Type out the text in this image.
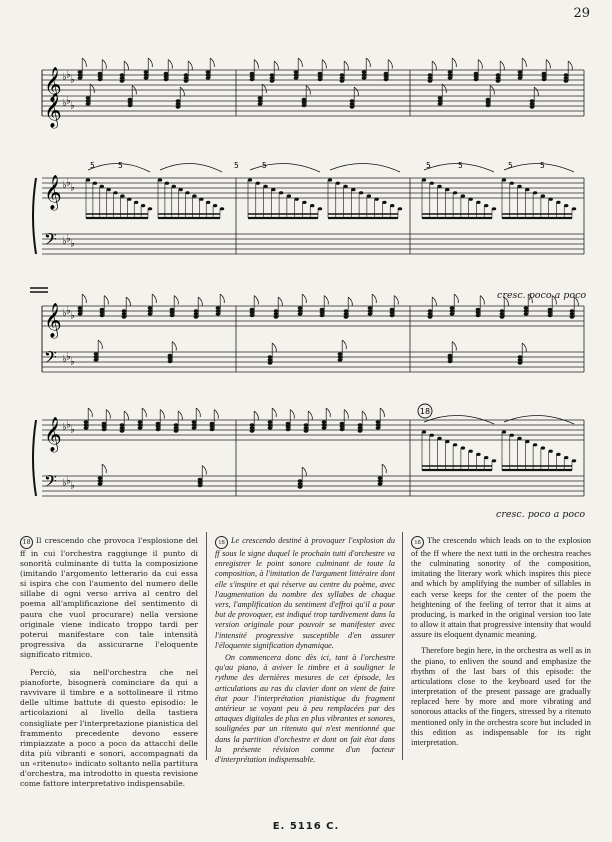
29
𝄞
𝄞
♭ ♭ ♭
♭ ♭ ♭
𝄞
𝄢
♭ ♭ ♭
♭ ♭ ♭
5	5	5	5	5	5	5	5
𝄞
𝄢
♭ ♭ ♭
♭ ♭ ♭
𝄞
𝄢
♭ ♭ ♭
♭ ♭ ♭
18
cresc. poco a poco
cresc. poco a poco

18 Il crescendo che provoca l'esplosione del ff in cui l'orchestra raggiunge il punto di sonorità culminante di tutta la composizione (imitando l'argomento letterario da cui essa si ispira che con l'aumento del numero delle sillabe di ogni verso arriva al centro del poema all'amplificazione del sentimento di paura che vuol procurare) nella versione originale viene indicato troppo tardi per poterui manifestare con tale intensità progressiva da assicurarne l'eloquente significato ritmico.

Perciò, sia nell'orchestra che nel pianoforte, bisognerà cominciare da qui a ravvivare il timbre e a sottolineare il ritmo delle ultime battute di questo episodio: le articolazioni al livello della tastiera consigliate per l'interpretazione pianistica del frammento precedente devono essere rimpiazzate a poco a poco da attacchi delle dita più vibranti e sonori, accompagnati da un «ritenuto» indicato soltanto nella partitura d'orchestra, ma introdotto in questa revisione come fattore interpretativo indispensabile.

18 Le crescendo destiné à provoquer l'explosion du ff sous le signe duquel le prochain tutti d'orchestre va enregistrer le point sonore culminant de toute la composition, à l'imitation de l'argument littéraire dont elle s'inspire et qui réserve au centre du poème, avec l'augmentation du nombre des syllabes de chaque vers, l'amplification du sentiment d'effroi qu'il a pour but de provoquer, est indiqué trop tardivement dans la version originale pour pouvoir se manifester avec l'intensité progressive susceptible d'en assurer l'éloquente signification dynamique.

On commencera donc dès ici, tant à l'orchestre qu'au piano, à aviver le timbre et à souligner le rythme des dernières mesures de cet épisode, les articulations au ras du clavier dont on vient de faire état pour l'interprétation pianistique du fragment antérieur se voyant peu à peu remplacées par des attaques digitales de plus en plus vibrantes et sonores, soulignées par un ritenuto qui n'est mentionné que dans la partition d'orchestre et dont on fait état dans la présente révision comme d'un facteur d'interprétation indispensable.

18 The crescendo which leads on to the explosion of the ff where the next tutti in the orchestra reaches the culminating sonority of the composition, imitating the literary work which inspires this piece and which by amplifying the number of sillables in each verse keeps for the center of the poem the heightening of the feeling of terror that it aims at producing, is marked in the original version too late to allow it attain that progressive intensity that would assure its eloquent dynamic meaning.

Therefore begin here, in the orchestra as well as in the piano, to enliven the sound and emphasize the rhythm of the last bars of this episode: the articulations close to the keyboard used for the interpretation of the present passage are gradually replaced here by more and more vibrating and sonorous attacks of the fingers, stressed by a ritenuto mentioned only in the orchestra score but included in this edition as indispensable for its right interpretation.

E. 5116 C.
